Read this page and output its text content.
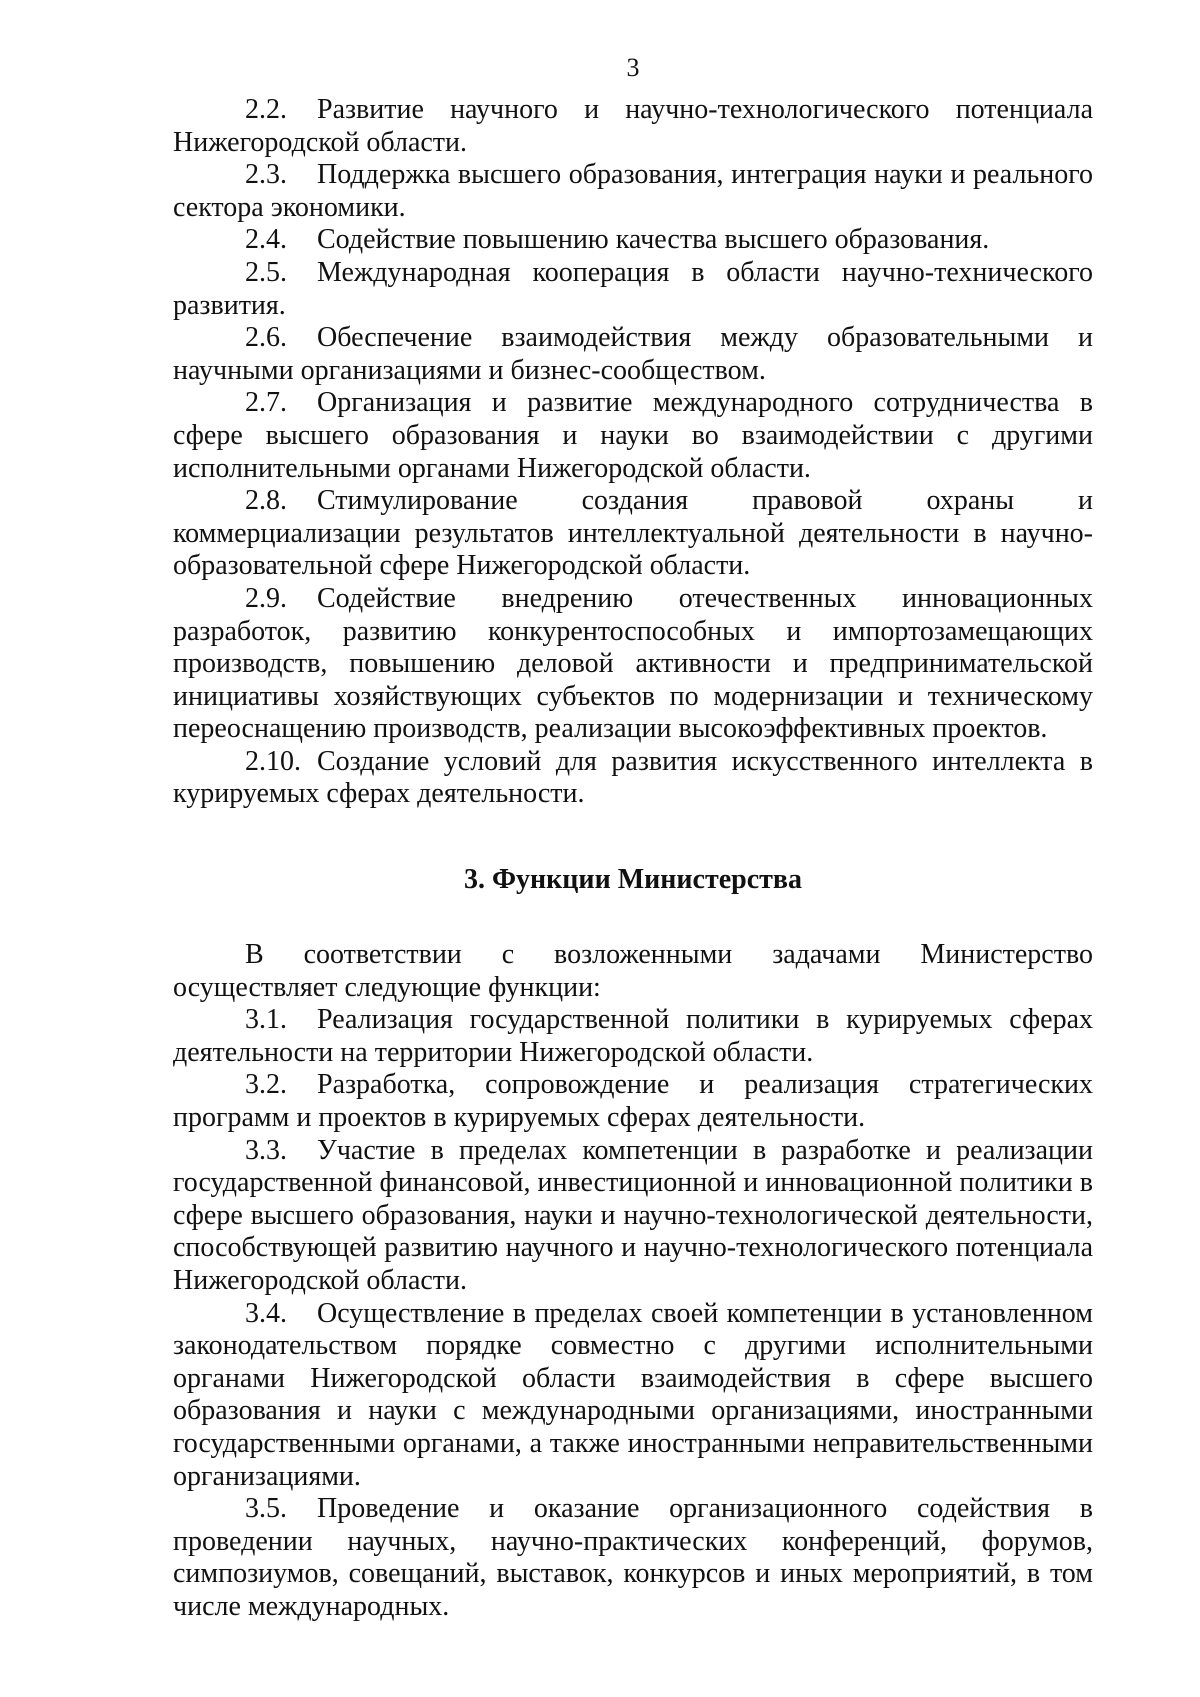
3

2.2. Развитие научного и научно-технологического потенциала Нижегородской области.

2.3. Поддержка высшего образования, интеграция науки и реального сектора экономики.

2.4. Содействие повышению качества высшего образования.

2.5. Международная кооперация в области научно-технического развития.

2.6. Обеспечение взаимодействия между образовательными и научными организациями и бизнес-сообществом.

2.7. Организация и развитие международного сотрудничества в сфере высшего образования и науки во взаимодействии с другими исполнительными органами Нижегородской области.

2.8. Стимулирование создания правовой охраны и коммерциализации результатов интеллектуальной деятельности в научно-образовательной сфере Нижегородской области.

2.9. Содействие внедрению отечественных инновационных разработок, развитию конкурентоспособных и импортозамещающих производств, повышению деловой активности и предпринимательской инициативы хозяйствующих субъектов по модернизации и техническому переоснащению производств, реализации высокоэффективных проектов.

2.10. Создание условий для развития искусственного интеллекта в курируемых сферах деятельности.

3. Функции Министерства

В соответствии с возложенными задачами Министерство осуществляет следующие функции:

3.1. Реализация государственной политики в курируемых сферах деятельности на территории Нижегородской области.

3.2. Разработка, сопровождение и реализация стратегических программ и проектов в курируемых сферах деятельности.

3.3. Участие в пределах компетенции в разработке и реализации государственной финансовой, инвестиционной и инновационной политики в сфере высшего образования, науки и научно-технологической деятельности, способствующей развитию научного и научно-технологического потенциала Нижегородской области.

3.4. Осуществление в пределах своей компетенции в установленном законодательством порядке совместно с другими исполнительными органами Нижегородской области взаимодействия в сфере высшего образования и науки с международными организациями, иностранными государственными органами, а также иностранными неправительственными организациями.

3.5. Проведение и оказание организационного содействия в проведении научных, научно-практических конференций, форумов, симпозиумов, совещаний, выставок, конкурсов и иных мероприятий, в том числе международных.
